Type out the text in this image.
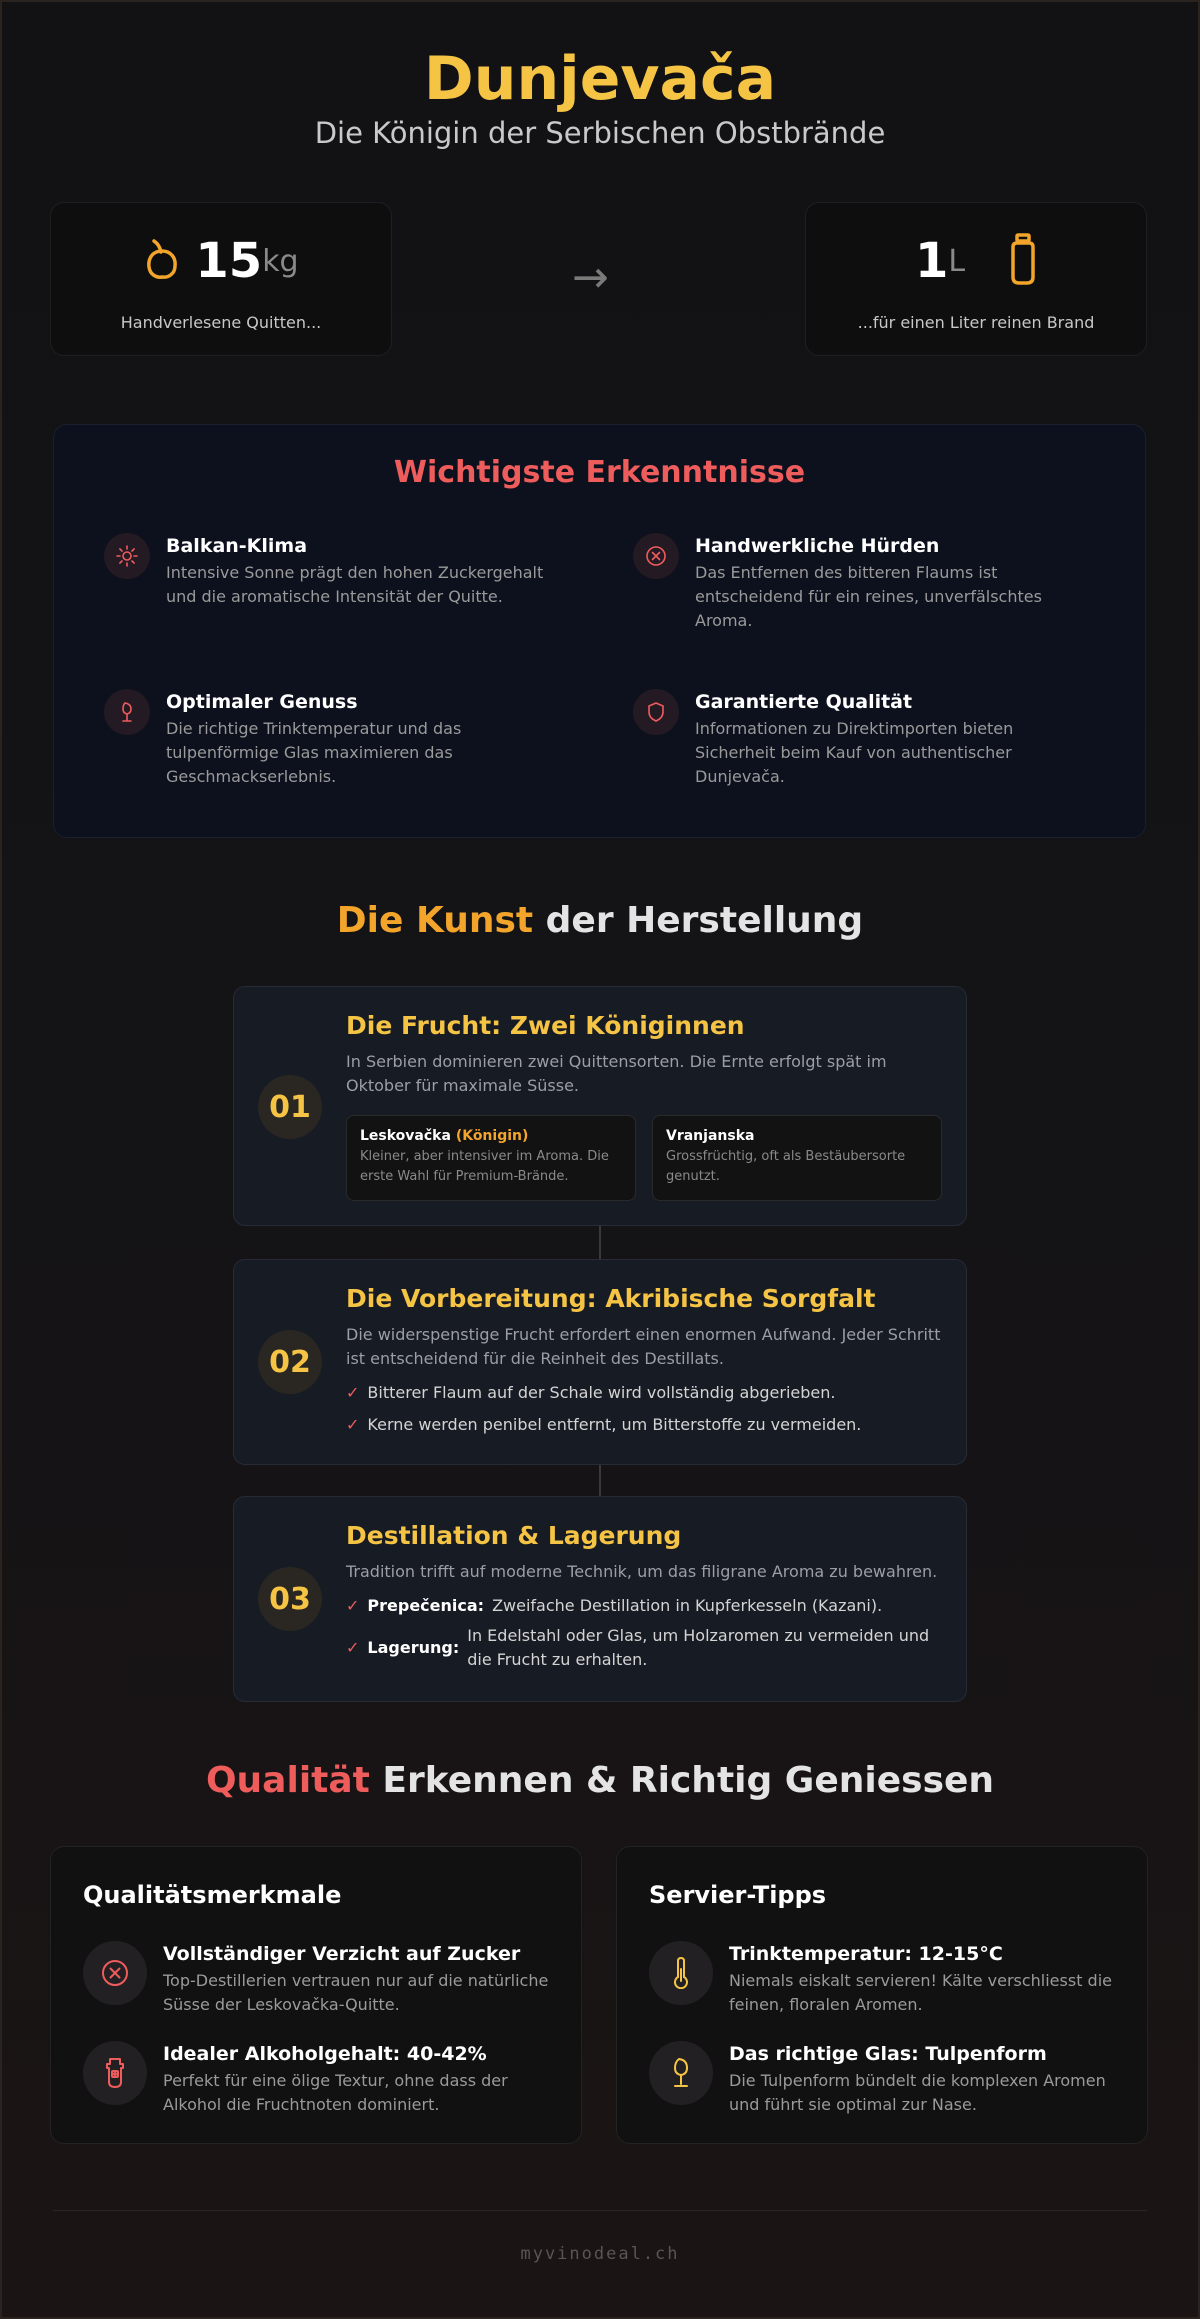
Dunjevača
Die Königin der Serbischen Obstbrände
15 kg
Handverlesene Quitten...
→	1 L
...für einen Liter reinen Brand
Wichtigste Erkenntnisse
Balkan-Klima
Intensive Sonne prägt den hohen Zuckergehalt und die aromatische Intensität der Quitte.
Handwerkliche Hürden
Das Entfernen des bitteren Flaums ist entscheidend für ein reines, unverfälschtes Aroma.
Optimaler Genuss
Die richtige Trinktemperatur und das tulpenförmige Glas maximieren das Geschmackserlebnis.
Garantierte Qualität
Informationen zu Direktimporten bieten Sicherheit beim Kauf von authentischer Dunjevača.
Die Kunst der Herstellung
01
Die Frucht: Zwei Königinnen
In Serbien dominieren zwei Quittensorten. Die Ernte erfolgt spät im Oktober für maximale Süsse.
Leskovačka (Königin)
Kleiner, aber intensiver im Aroma. Die erste Wahl für Premium-Brände.
Vranjanska
Grossfrüchtig, oft als Bestäubersorte genutzt.
02
Die Vorbereitung: Akribische Sorgfalt
Die widerspenstige Frucht erfordert einen enormen Aufwand. Jeder Schritt ist entscheidend für die Reinheit des Destillats.
✓ Bitterer Flaum auf der Schale wird vollständig abgerieben.
✓ Kerne werden penibel entfernt, um Bitterstoffe zu vermeiden.
03
Destillation & Lagerung
Tradition trifft auf moderne Technik, um das filigrane Aroma zu bewahren.
✓ Prepečenica: Zweifache Destillation in Kupferkesseln (Kazani).
✓ Lagerung:
In Edelstahl oder Glas, um Holzaromen zu vermeiden und die Frucht zu erhalten.
Qualität Erkennen & Richtig Geniessen
Qualitätsmerkmale
Vollständiger Verzicht auf Zucker
Top-Destillerien vertrauen nur auf die natürliche Süsse der Leskovačka-Quitte.
Idealer Alkoholgehalt: 40-42%
Perfekt für eine ölige Textur, ohne dass der Alkohol die Fruchtnoten dominiert.
Servier-Tipps
Trinktemperatur: 12-15°C
Niemals eiskalt servieren! Kälte verschliesst die feinen, floralen Aromen.
Das richtige Glas: Tulpenform
Die Tulpenform bündelt die komplexen Aromen und führt sie optimal zur Nase.
myvinodeal.ch
